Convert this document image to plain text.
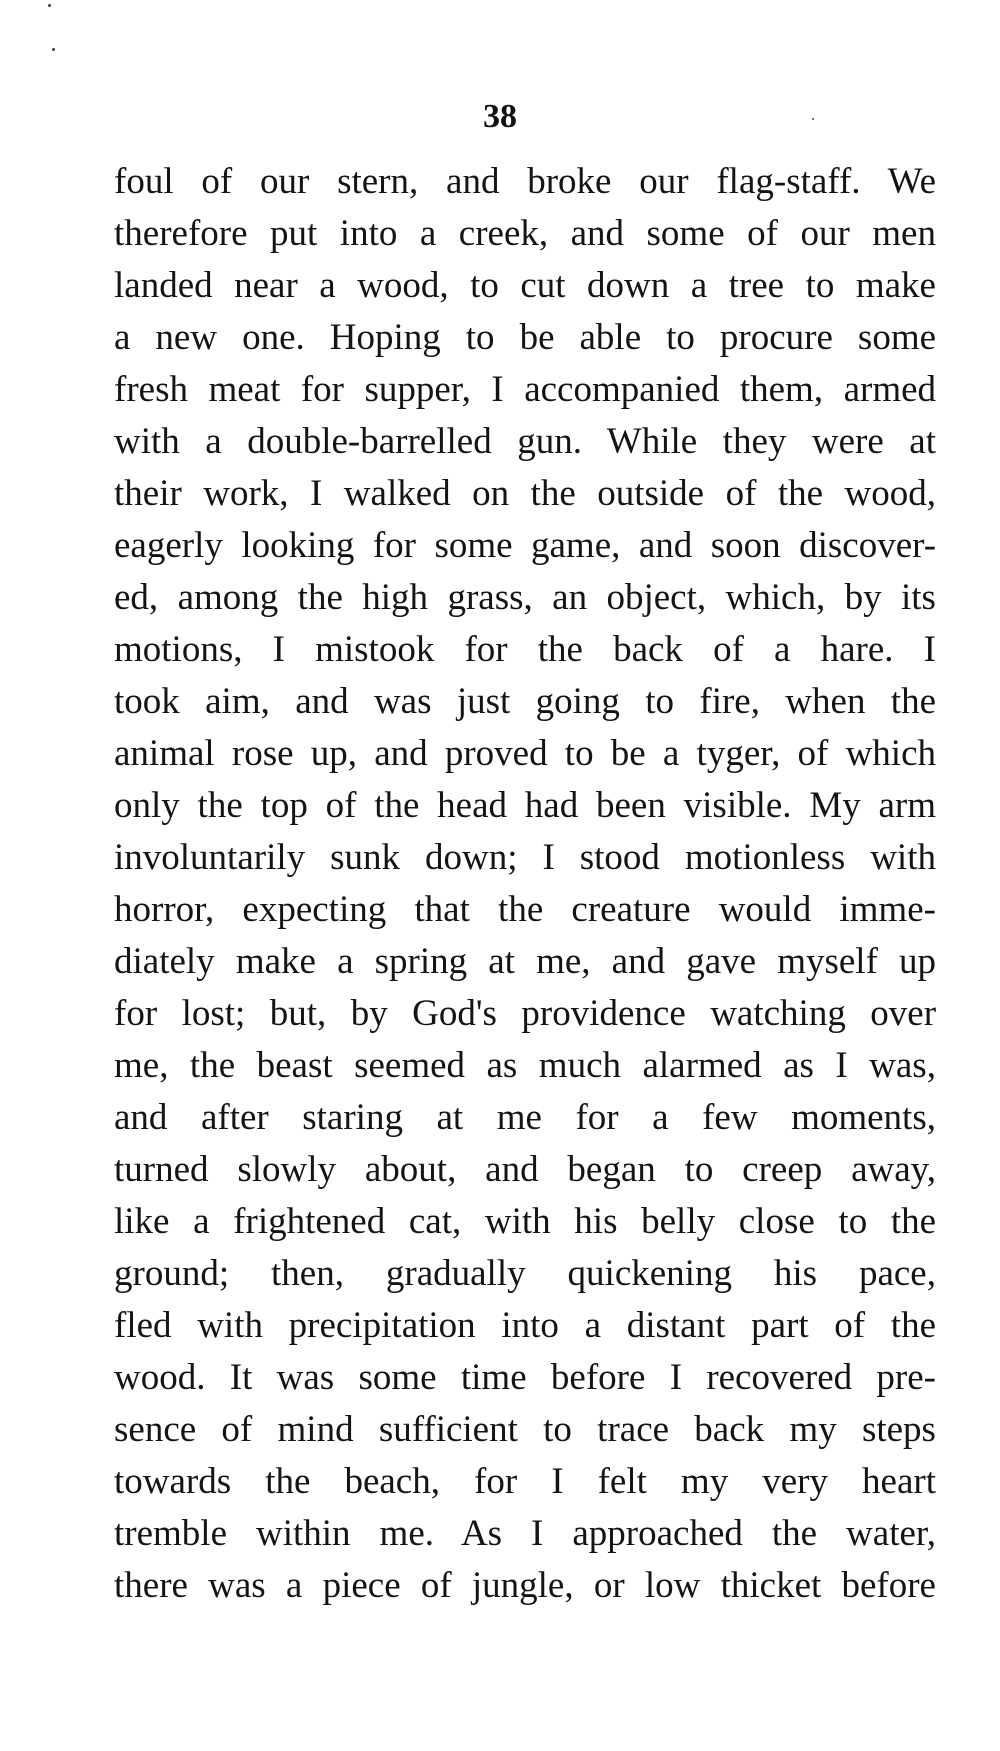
38
foul of our stern, and broke our flag-staff. We
therefore put into a creek, and some of our men
landed near a wood, to cut down a tree to make
a new one. Hoping to be able to procure some
fresh meat for supper, I accompanied them, armed
with a double-barrelled gun. While they were at
their work, I walked on the outside of the wood,
eagerly looking for some game, and soon discover-
ed, among the high grass, an object, which, by its
motions, I mistook for the back of a hare. I
took aim, and was just going to fire, when the
animal rose up, and proved to be a tyger, of which
only the top of the head had been visible. My arm
involuntarily sunk down; I stood motionless with
horror, expecting that the creature would imme-
diately make a spring at me, and gave myself up
for lost; but, by God's providence watching over
me, the beast seemed as much alarmed as I was,
and after staring at me for a few moments,
turned slowly about, and began to creep away,
like a frightened cat, with his belly close to the
ground; then, gradually quickening his pace,
fled with precipitation into a distant part of the
wood. It was some time before I recovered pre-
sence of mind sufficient to trace back my steps
towards the beach, for I felt my very heart
tremble within me. As I approached the water,
there was a piece of jungle, or low thicket before
